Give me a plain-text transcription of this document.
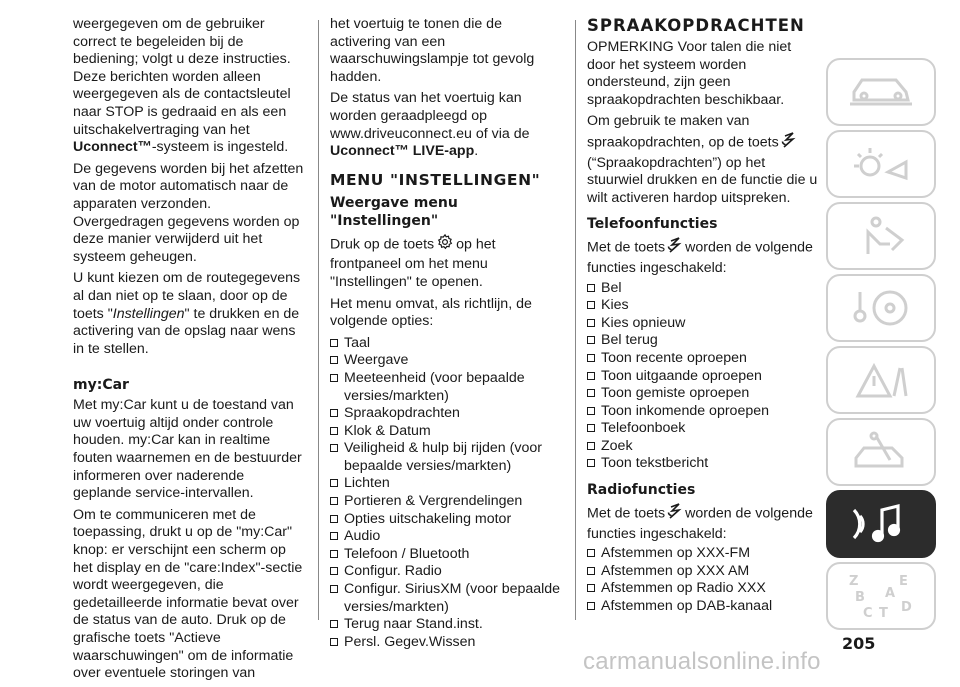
weergegeven om de gebruiker correct te begeleiden bij de bediening; volgt u deze instructies. Deze berichten worden alleen weergegeven als de contactsleutel naar STOP is gedraaid en als een uitschakelvertraging van het Uconnect™-systeem is ingesteld.

De gegevens worden bij het afzetten van de motor automatisch naar de apparaten verzonden. Overgedragen gegevens worden op deze manier verwijderd uit het systeem geheugen.

U kunt kiezen om de routegegevens al dan niet op te slaan, door op de toets "Instellingen" te drukken en de activering van de opslag naar wens in te stellen.

my:Car

Met my:Car kunt u de toestand van uw voertuig altijd onder controle houden. my:Car kan in realtime fouten waarnemen en de bestuurder informeren over naderende geplande service-intervallen.

Om te communiceren met de toepassing, drukt u op de "my:Car" knop: er verschijnt een scherm op het display en de "care:Index"-sectie wordt weergegeven, die gedetailleerde informatie bevat over de status van de auto. Druk op de grafische toets "Actieve waarschuwingen" om de informatie over eventuele storingen van

het voertuig te tonen die de activering van een waarschuwingslampje tot gevolg hadden.

De status van het voertuig kan worden geraadpleegd op www.driveuconnect.eu of via de Uconnect™ LIVE-app.

MENU "INSTELLINGEN"
Weergave menu "Instellingen"

Druk op de toets op het frontpaneel om het menu "Instellingen" te openen.

Het menu omvat, als richtlijn, de volgende opties:

Taal
Weergave
Meeteenheid (voor bepaalde versies/markten)
Spraakopdrachten
Klok & Datum
Veiligheid & hulp bij rijden (voor bepaalde versies/markten)
Lichten
Portieren & Vergrendelingen
Opties uitschakeling motor
Audio
Telefoon / Bluetooth
Configur. Radio
Configur. SiriusXM (voor bepaalde versies/markten)
Terug naar Stand.inst.
Persl. Gegev.Wissen
SPRAAKOPDRACHTEN

OPMERKING Voor talen die niet door het systeem worden ondersteund, zijn geen spraakopdrachten beschikbaar.

Om gebruik te maken van spraakopdrachten, op de toets(“Spraakopdrachten”) op het stuurwiel drukken en de functie die u wilt activeren hardop uitspreken.

Telefoonfuncties

Met de toets worden de volgende functies ingeschakeld:

Bel
Kies
Kies opnieuw
Bel terug
Toon recente oproepen
Toon uitgaande oproepen
Toon gemiste oproepen
Toon inkomende oproepen
Telefoonboek
Zoek
Toon tekstbericht
Radiofuncties

Met de toets worden de volgende functies ingeschakeld:

Afstemmen op XXX-FM
Afstemmen op XXX AM
Afstemmen op Radio XXX
Afstemmen op DAB-kanaal
Z	E
A
B
C T D
205
carmanualsonline.info
